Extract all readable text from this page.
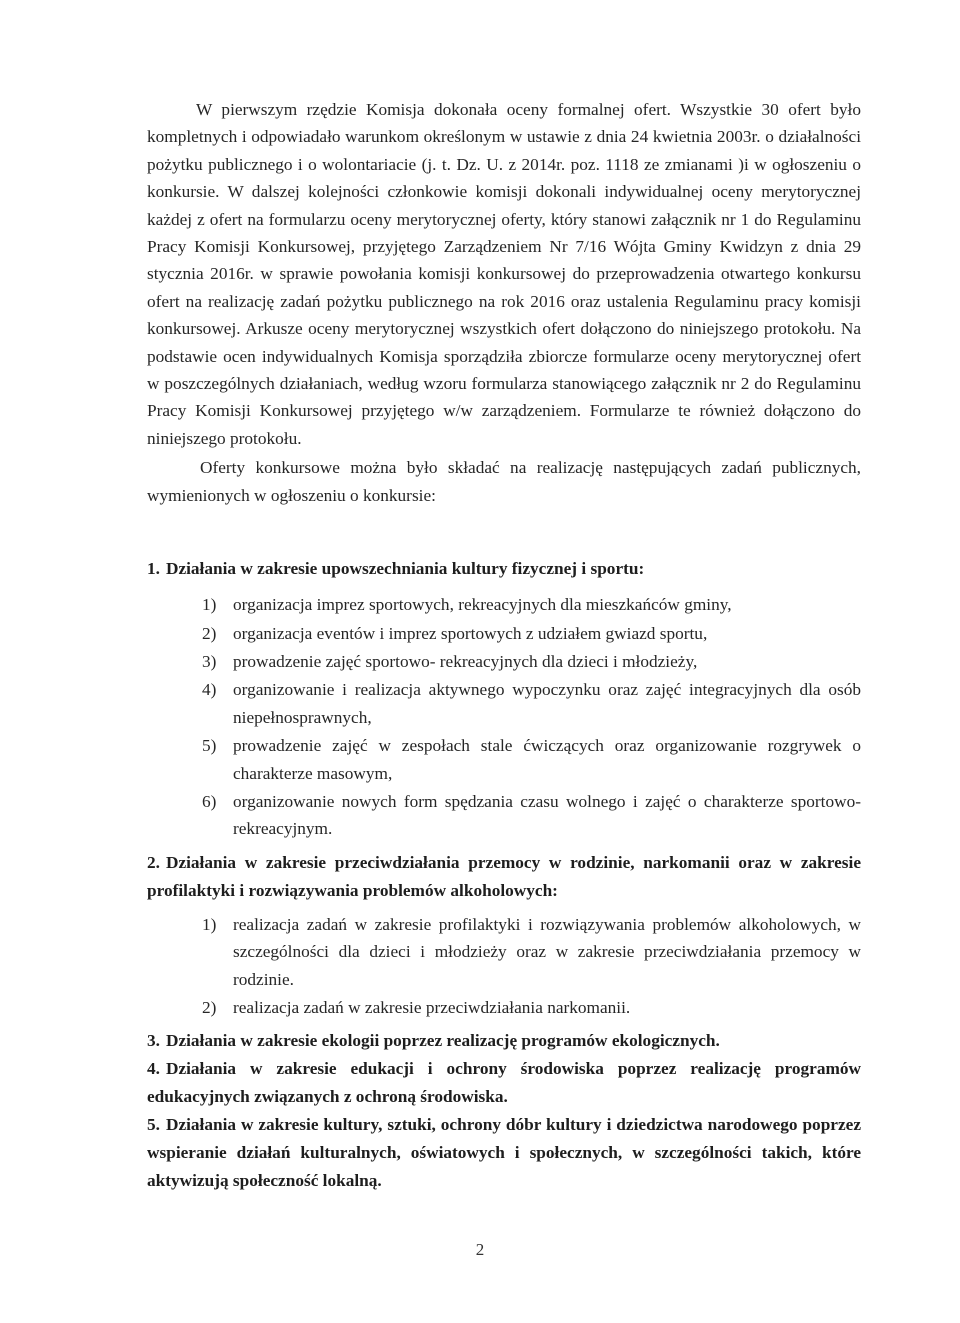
W pierwszym rzędzie Komisja dokonała oceny formalnej ofert. Wszystkie 30 ofert było kompletnych i odpowiadało warunkom określonym w ustawie z dnia 24 kwietnia 2003r. o działalności pożytku publicznego i o wolontariacie (j. t. Dz. U. z 2014r. poz. 1118 ze zmianami )i w ogłoszeniu o konkursie. W dalszej kolejności członkowie komisji dokonali indywidualnej oceny merytorycznej każdej z ofert na formularzu oceny merytorycznej oferty, który stanowi załącznik nr 1 do Regulaminu Pracy Komisji Konkursowej, przyjętego Zarządzeniem Nr 7/16 Wójta Gminy Kwidzyn z dnia 29 stycznia 2016r. w sprawie powołania komisji konkursowej do przeprowadzenia otwartego konkursu ofert na realizację zadań pożytku publicznego na rok 2016 oraz ustalenia Regulaminu pracy komisji konkursowej. Arkusze oceny merytorycznej wszystkich ofert dołączono do niniejszego protokołu. Na podstawie ocen indywidualnych Komisja sporządziła zbiorcze formularze oceny merytorycznej ofert w poszczególnych działaniach, według wzoru formularza stanowiącego załącznik nr 2 do Regulaminu Pracy Komisji Konkursowej przyjętego w/w zarządzeniem. Formularze te również dołączono do niniejszego protokołu.

Oferty konkursowe można było składać na realizację następujących zadań publicznych, wymienionych w ogłoszeniu o konkursie:

1. Działania w zakresie upowszechniania kultury fizycznej i sportu:

1) organizacja imprez sportowych, rekreacyjnych dla mieszkańców gminy,
2) organizacja eventów i imprez sportowych z udziałem gwiazd sportu,
3) prowadzenie zajęć sportowo- rekreacyjnych dla dzieci i młodzieży,
4) organizowanie i realizacja aktywnego wypoczynku oraz zajęć integracyjnych dla osób niepełnosprawnych,
5) prowadzenie zajęć w zespołach stale ćwiczących oraz organizowanie rozgrywek o charakterze masowym,
6) organizowanie nowych form spędzania czasu wolnego i zajęć o charakterze sportowo-rekreacyjnym.

2. Działania w zakresie przeciwdziałania przemocy w rodzinie, narkomanii oraz w zakresie profilaktyki i rozwiązywania problemów alkoholowych:

1) realizacja zadań w zakresie profilaktyki i rozwiązywania problemów alkoholowych, w szczególności dla dzieci i młodzieży oraz w zakresie przeciwdziałania przemocy w rodzinie.
2) realizacja zadań w zakresie przeciwdziałania narkomanii.

3. Działania w zakresie ekologii poprzez realizację programów ekologicznych.

4. Działania w zakresie edukacji i ochrony środowiska poprzez realizację programów edukacyjnych związanych z ochroną środowiska.

5. Działania w zakresie kultury, sztuki, ochrony dóbr kultury i dziedzictwa narodowego poprzez wspieranie działań kulturalnych, oświatowych i społecznych, w szczególności takich, które aktywizują społeczność lokalną.

2
